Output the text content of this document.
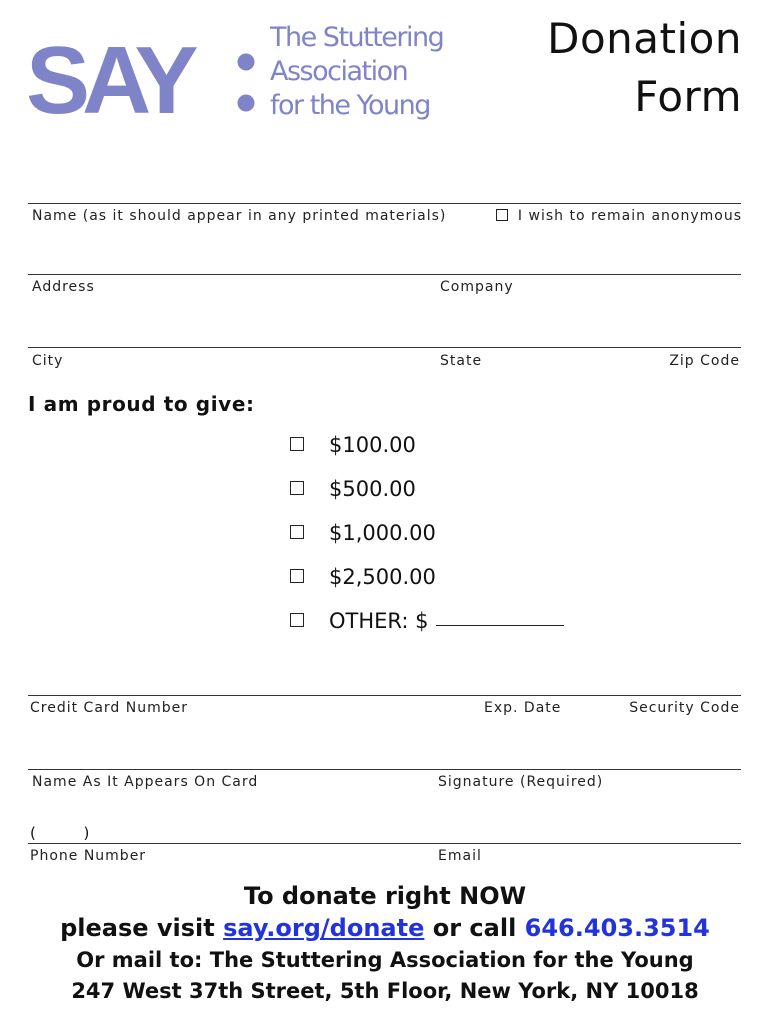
SAY	The Stuttering
Association
for the Young
Donation
Form
Name (as it should appear in any printed materials)	I wish to remain anonymous
Address	Company
City	State	Zip Code
I am proud to give:
$100.00
$500.00
$1,000.00
$2,500.00
OTHER: $
Credit Card Number	Exp. Date	Security Code
Name As It Appears On Card	Signature (Required)
(          )
Phone Number	Email
To donate right NOW
please visit say.org/donate or call 646.403.3514
Or mail to: The Stuttering Association for the Young
247 West 37th Street, 5th Floor, New York, NY 10018
